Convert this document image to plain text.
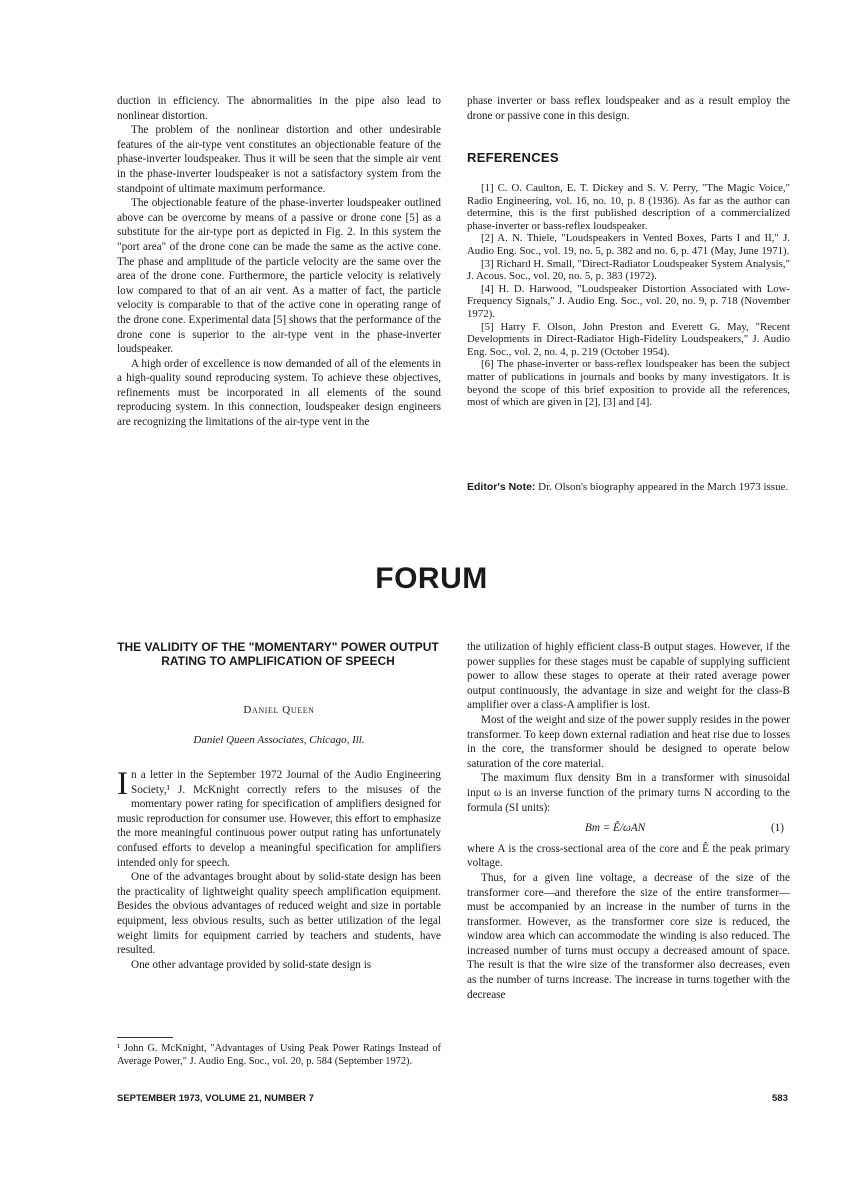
duction in efficiency. The abnormalities in the pipe also lead to nonlinear distortion.

The problem of the nonlinear distortion and other undesirable features of the air-type vent constitutes an objectionable feature of the phase-inverter loudspeaker. Thus it will be seen that the simple air vent in the phase-inverter loudspeaker is not a satisfactory system from the standpoint of ultimate maximum performance.

The objectionable feature of the phase-inverter loudspeaker outlined above can be overcome by means of a passive or drone cone [5] as a substitute for the air-type port as depicted in Fig. 2. In this system the "port area" of the drone cone can be made the same as the active cone. The phase and amplitude of the particle velocity are the same over the area of the drone cone. Furthermore, the particle velocity is relatively low compared to that of an air vent. As a matter of fact, the particle velocity is comparable to that of the active cone in operating range of the drone cone. Experimental data [5] shows that the performance of the drone cone is superior to the air-type vent in the phase-inverter loudspeaker.

A high order of excellence is now demanded of all of the elements in a high-quality sound reproducing system. To achieve these objectives, refinements must be incorporated in all elements of the sound reproducing system. In this connection, loudspeaker design engineers are recognizing the limitations of the air-type vent in the

phase inverter or bass reflex loudspeaker and as a result employ the drone or passive cone in this design.

REFERENCES

[1] C. O. Caulton, E. T. Dickey and S. V. Perry, "The Magic Voice," Radio Engineering, vol. 16, no. 10, p. 8 (1936). As far as the author can determine, this is the first published description of a commercialized phase-inverter or bass-reflex loudspeaker.

[2] A. N. Thiele, "Loudspeakers in Vented Boxes, Parts I and II," J. Audio Eng. Soc., vol. 19, no. 5, p. 382 and no. 6, p. 471 (May, June 1971).

[3] Richard H. Small, "Direct-Radiator Loudspeaker System Analysis," J. Acous. Soc., vol. 20, no. 5, p. 383 (1972).

[4] H. D. Harwood, "Loudspeaker Distortion Associated with Low-Frequency Signals," J. Audio Eng. Soc., vol. 20, no. 9, p. 718 (November 1972).

[5] Harry F. Olson, John Preston and Everett G. May, "Recent Developments in Direct-Radiator High-Fidelity Loudspeakers," J. Audio Eng. Soc., vol. 2, no. 4, p. 219 (October 1954).

[6] The phase-inverter or bass-reflex loudspeaker has been the subject matter of publications in journals and books by many investigators. It is beyond the scope of this brief exposition to provide all the references, most of which are given in [2], [3] and [4].

Editor's Note: Dr. Olson's biography appeared in the March 1973 issue.
FORUM
THE VALIDITY OF THE "MOMENTARY" POWER OUTPUT RATING TO AMPLIFICATION OF SPEECH
Daniel Queen
Daniel Queen Associates, Chicago, Ill.

I n a letter in the September 1972 Journal of the Audio Engineering Society,¹ J. McKnight correctly refers to the misuses of the momentary power rating for specification of amplifiers designed for music reproduction for consumer use. However, this effort to emphasize the more meaningful continuous power output rating has unfortunately confused efforts to develop a meaningful specification for amplifiers intended only for speech.

One of the advantages brought about by solid-state design has been the practicality of lightweight quality speech amplification equipment. Besides the obvious advantages of reduced weight and size in portable equipment, less obvious results, such as better utilization of the legal weight limits for equipment carried by teachers and students, have resulted.

One other advantage provided by solid-state design is

¹ John G. McKnight, "Advantages of Using Peak Power Ratings Instead of Average Power," J. Audio Eng. Soc., vol. 20, p. 584 (September 1972).

the utilization of highly efficient class-B output stages. However, if the power supplies for these stages must be capable of supplying sufficient power to allow these stages to operate at their rated average power output continuously, the advantage in size and weight for the class-B amplifier over a class-A amplifier is lost.

Most of the weight and size of the power supply resides in the power transformer. To keep down external radiation and heat rise due to losses in the core, the transformer should be designed to operate below saturation of the core material.

The maximum flux density Bm in a transformer with sinusoidal input ω is an inverse function of the primary turns N according to the formula (SI units):

Bm = Ê/ωAN	(1)

where A is the cross-sectional area of the core and Ê the peak primary voltage.

Thus, for a given line voltage, a decrease of the size of the transformer core—and therefore the size of the entire transformer—must be accompanied by an increase in the number of turns in the transformer. However, as the transformer core size is reduced, the window area which can accommodate the winding is also reduced. The increased number of turns must occupy a decreased amount of space. The result is that the wire size of the transformer also decreases, even as the number of turns increase. The increase in turns together with the decrease

SEPTEMBER 1973, VOLUME 21, NUMBER 7	583
